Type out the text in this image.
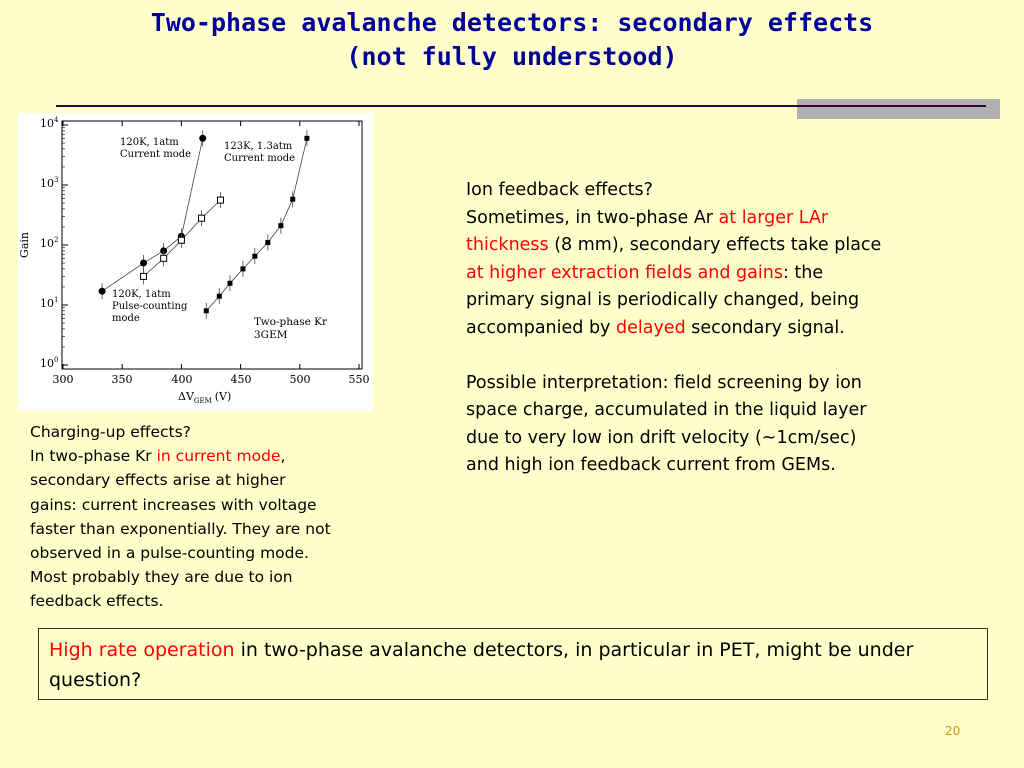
Two-phase avalanche detectors: secondary effects
(not fully understood)
Gain
300	350	400	450	500	550
$10^0$
$10^1$
$10^2$
$10^3$
$10^4$
$\Delta V_{GEM}$ (V)
120K, 1atm
Current mode
123K, 1.3atm
Current mode
120K, 1atm
Pulse-counting
mode	Two-phase Kr
3GEM
Charging-up effects?
In two-phase Kr in current mode,
secondary effects arise at higher
gains: current increases with voltage
faster than exponentially. They are not
observed in a pulse-counting mode.
Most probably they are due to ion
feedback effects.
Ion feedback effects?
Sometimes, in two-phase Ar at larger LAr
thickness (8 mm), secondary effects take place
at higher extraction fields and gains: the
primary signal is periodically changed, being
accompanied by delayed secondary signal.
Possible interpretation: field screening by ion
space charge, accumulated in the liquid layer
due to very low ion drift velocity (~1cm/sec)
and high ion feedback current from GEMs.
High rate operation in two-phase avalanche detectors, in particular in PET, might be under question?
20
